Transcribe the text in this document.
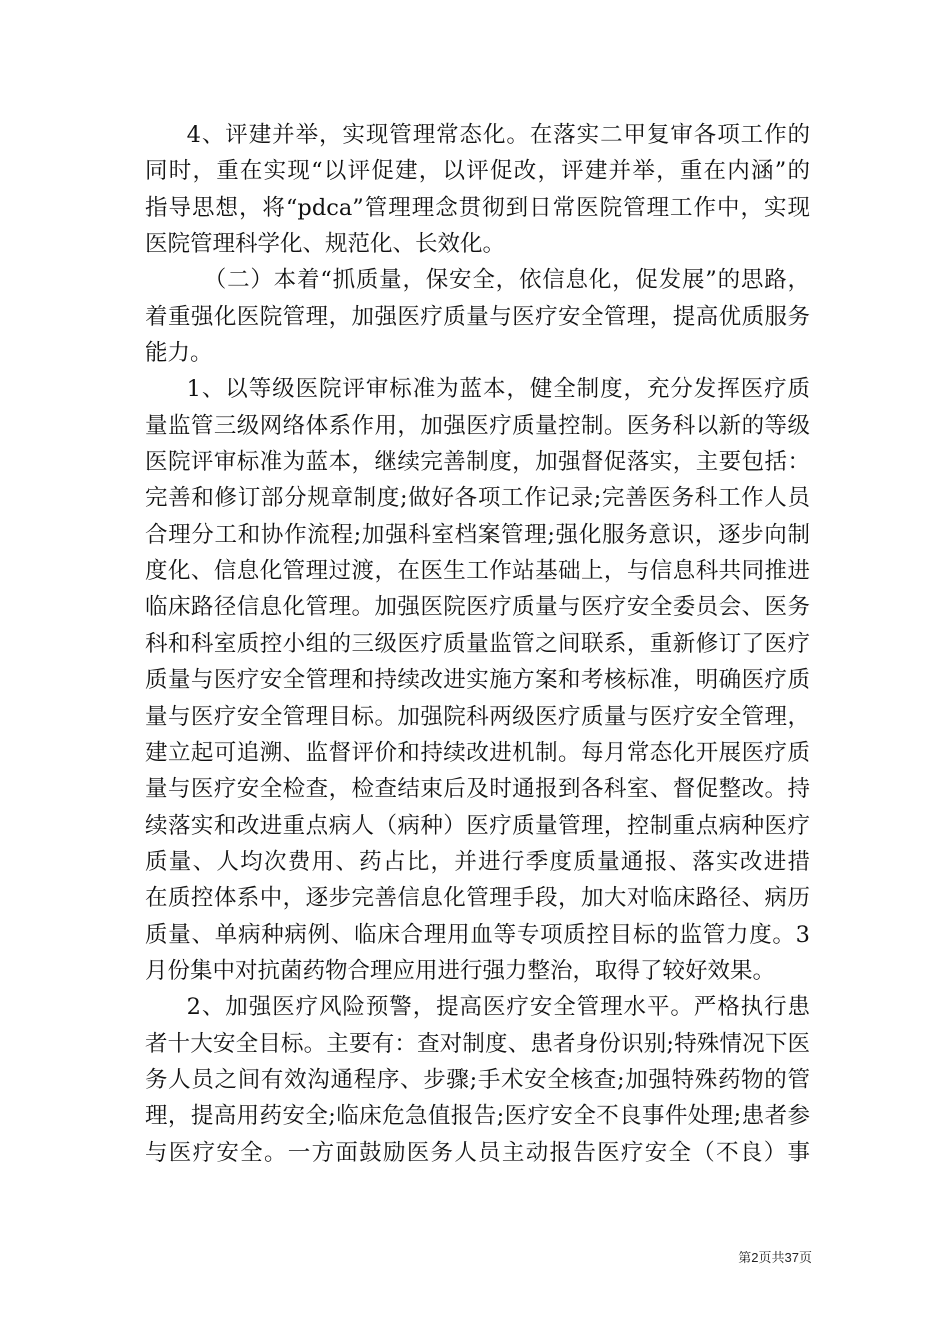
4、评建并举，实现管理常态化。在落实二甲复审各项工作的
同时，重在实现“以评促建，以评促改，评建并举，重在内涵”的
指导思想，将“pdca”管理理念贯彻到日常医院管理工作中，实现
医院管理科学化、规范化、长效化。
（二）本着“抓质量，保安全，依信息化，促发展”的思路，
着重强化医院管理，加强医疗质量与医疗安全管理，提高优质服务
能力。
1、以等级医院评审标准为蓝本，健全制度，充分发挥医疗质
量监管三级网络体系作用，加强医疗质量控制。医务科以新的等级
医院评审标准为蓝本，继续完善制度，加强督促落实，主要包括：
完善和修订部分规章制度;做好各项工作记录;完善医务科工作人员
合理分工和协作流程;加强科室档案管理;强化服务意识，逐步向制
度化、信息化管理过渡，在医生工作站基础上，与信息科共同推进
临床路径信息化管理。加强医院医疗质量与医疗安全委员会、医务
科和科室质控小组的三级医疗质量监管之间联系，重新修订了医疗
质量与医疗安全管理和持续改进实施方案和考核标准，明确医疗质
量与医疗安全管理目标。加强院科两级医疗质量与医疗安全管理，
建立起可追溯、监督评价和持续改进机制。每月常态化开展医疗质
量与医疗安全检查，检查结束后及时通报到各科室、督促整改。持
续落实和改进重点病人（病种）医疗质量管理，控制重点病种医疗
质量、人均次费用、药占比，并进行季度质量通报、落实改进措
在质控体系中，逐步完善信息化管理手段，加大对临床路径、病历
质量、单病种病例、临床合理用血等专项质控目标的监管力度。3
月份集中对抗菌药物合理应用进行强力整治，取得了较好效果。
2、加强医疗风险预警，提高医疗安全管理水平。严格执行患
者十大安全目标。主要有：查对制度、患者身份识别;特殊情况下医
务人员之间有效沟通程序、步骤;手术安全核查;加强特殊药物的管
理，提高用药安全;临床危急值报告;医疗安全不良事件处理;患者参
与医疗安全。一方面鼓励医务人员主动报告医疗安全（不良）事
第2页共37页
